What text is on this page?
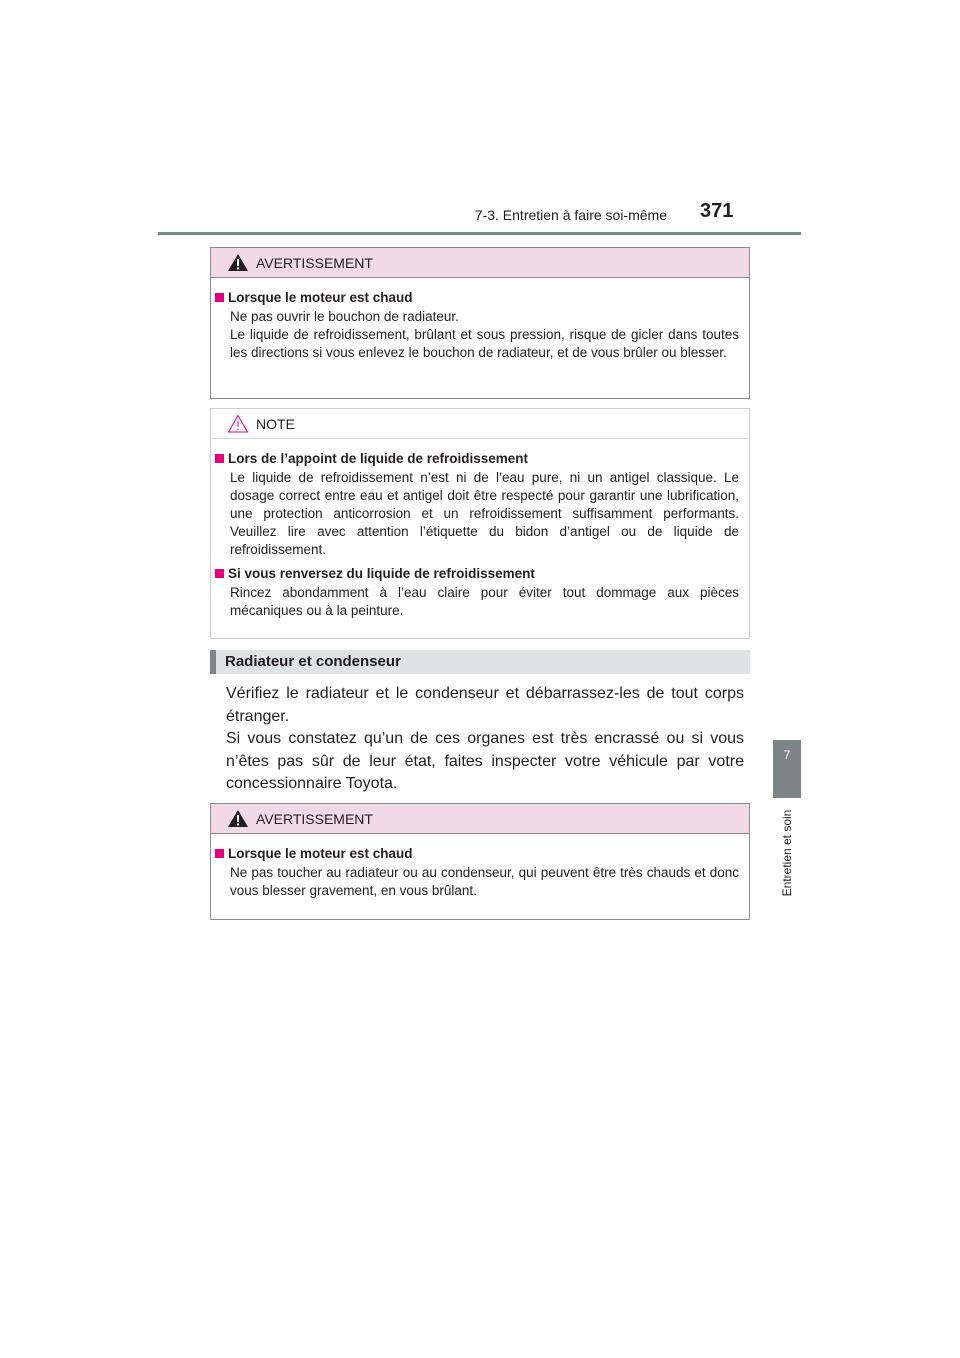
7-3. Entretien à faire soi-même 371
7
Entretien et soin
AVERTISSEMENT
Lorsque le moteur est chaud
Ne pas ouvrir le bouchon de radiateur.
Le liquide de refroidissement, brûlant et sous pression, risque de gicler dans toutes les directions si vous enlevez le bouchon de radiateur, et de vous brûler ou blesser.
NOTE
Lors de l’appoint de liquide de refroidissement
Le liquide de refroidissement n’est ni de l’eau pure, ni un antigel classique. Le dosage correct entre eau et antigel doit être respecté pour garantir une lubrification, une protection anticorrosion et un refroidissement suffisamment performants. Veuillez lire avec attention l’étiquette du bidon d’antigel ou de liquide de refroidissement.
Si vous renversez du liquide de refroidissement
Rincez abondamment à l’eau claire pour éviter tout dommage aux pièces mécaniques ou à la peinture.
Radiateur et condenseur

Vérifiez le radiateur et le condenseur et débarrassez-les de tout corps étranger.

Si vous constatez qu’un de ces organes est très encrassé ou si vous n’êtes pas sûr de leur état, faites inspecter votre véhicule par votre concessionnaire Toyota.

AVERTISSEMENT
Lorsque le moteur est chaud
Ne pas toucher au radiateur ou au condenseur, qui peuvent être très chauds et donc vous blesser gravement, en vous brûlant.
